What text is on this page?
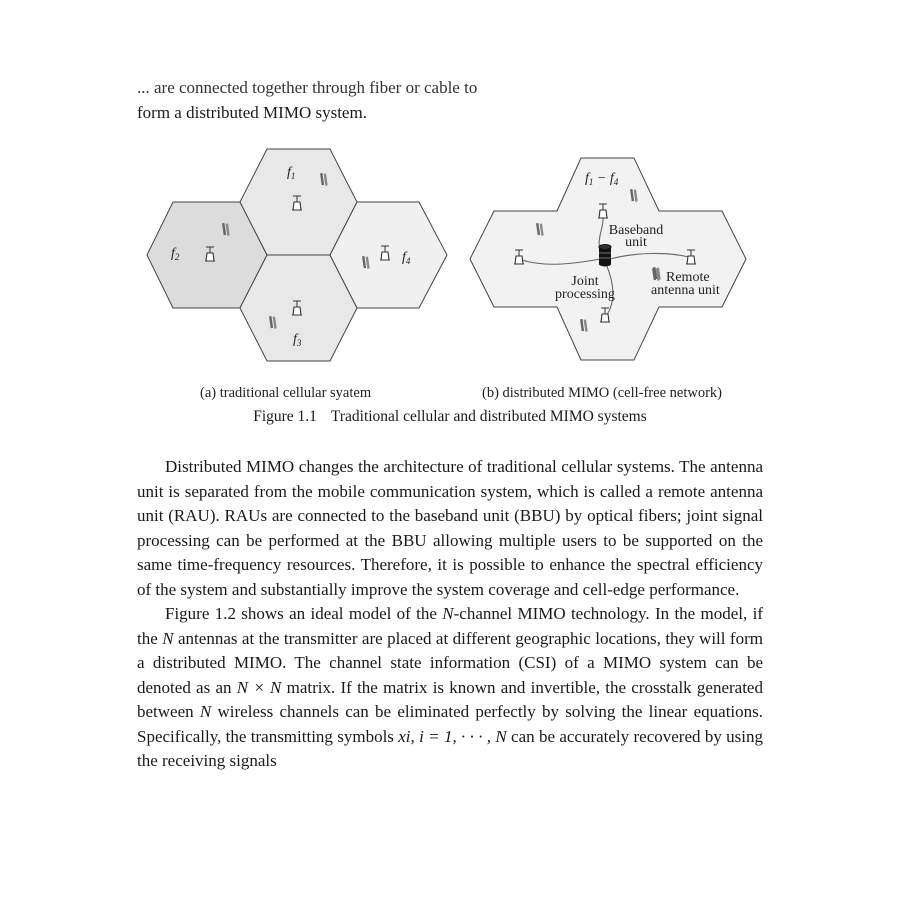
... are connected together through fiber or cable to
form a distributed MIMO system.
$f_1$
$f_2$
$f_3$
$f_4$
(a) traditional cellular syatem
$f_1 - f_4$
Baseband
unit
Joint
processing
Remote
antenna unit
(b) distributed MIMO (cell-free network)
Figure 1.1 Traditional cellular and distributed MIMO systems

Distributed MIMO changes the architecture of traditional cellular systems. The antenna unit is separated from the mobile communication system, which is called a remote antenna unit (RAU). RAUs are connected to the baseband unit (BBU) by optical fibers; joint signal processing can be performed at the BBU allowing multiple users to be supported on the same time-frequency resources. Therefore, it is possible to enhance the spectral efficiency of the system and substantially improve the system coverage and cell-edge performance.

Figure 1.2 shows an ideal model of the N-channel MIMO technology. In the model, if the N antennas at the transmitter are placed at different geographic locations, they will form a distributed MIMO. The channel state information (CSI) of a MIMO system can be denoted as an N × N matrix. If the matrix is known and invertible, the crosstalk generated between N wireless channels can be eliminated perfectly by solving the linear equations. Specifically, the transmitting symbols xi, i = 1, · · · , N can be accurately recovered by using the receiving signals
